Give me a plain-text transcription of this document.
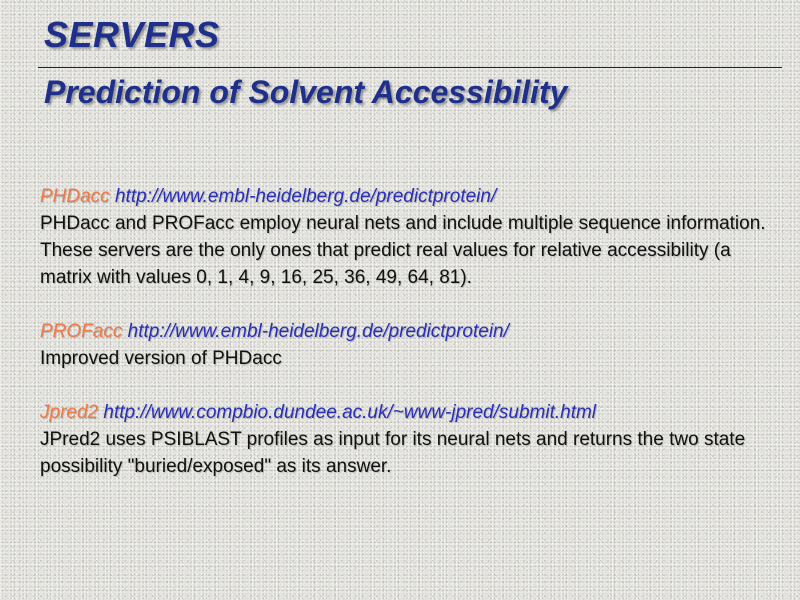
SERVERS
Prediction of Solvent Accessibility
PHDacc http://www.embl-heidelberg.de/predictprotein/
PHDacc and PROFacc employ neural nets and include multiple sequence information. These servers are the only ones that predict real values for relative accessibility (a matrix with values 0, 1, 4, 9, 16, 25, 36, 49, 64, 81).
PROFacc http://www.embl-heidelberg.de/predictprotein/
Improved version of PHDacc
Jpred2 http://www.compbio.dundee.ac.uk/~www-jpred/submit.html
JPred2 uses PSIBLAST profiles as input for its neural nets and returns the two state possibility "buried/exposed" as its answer.
